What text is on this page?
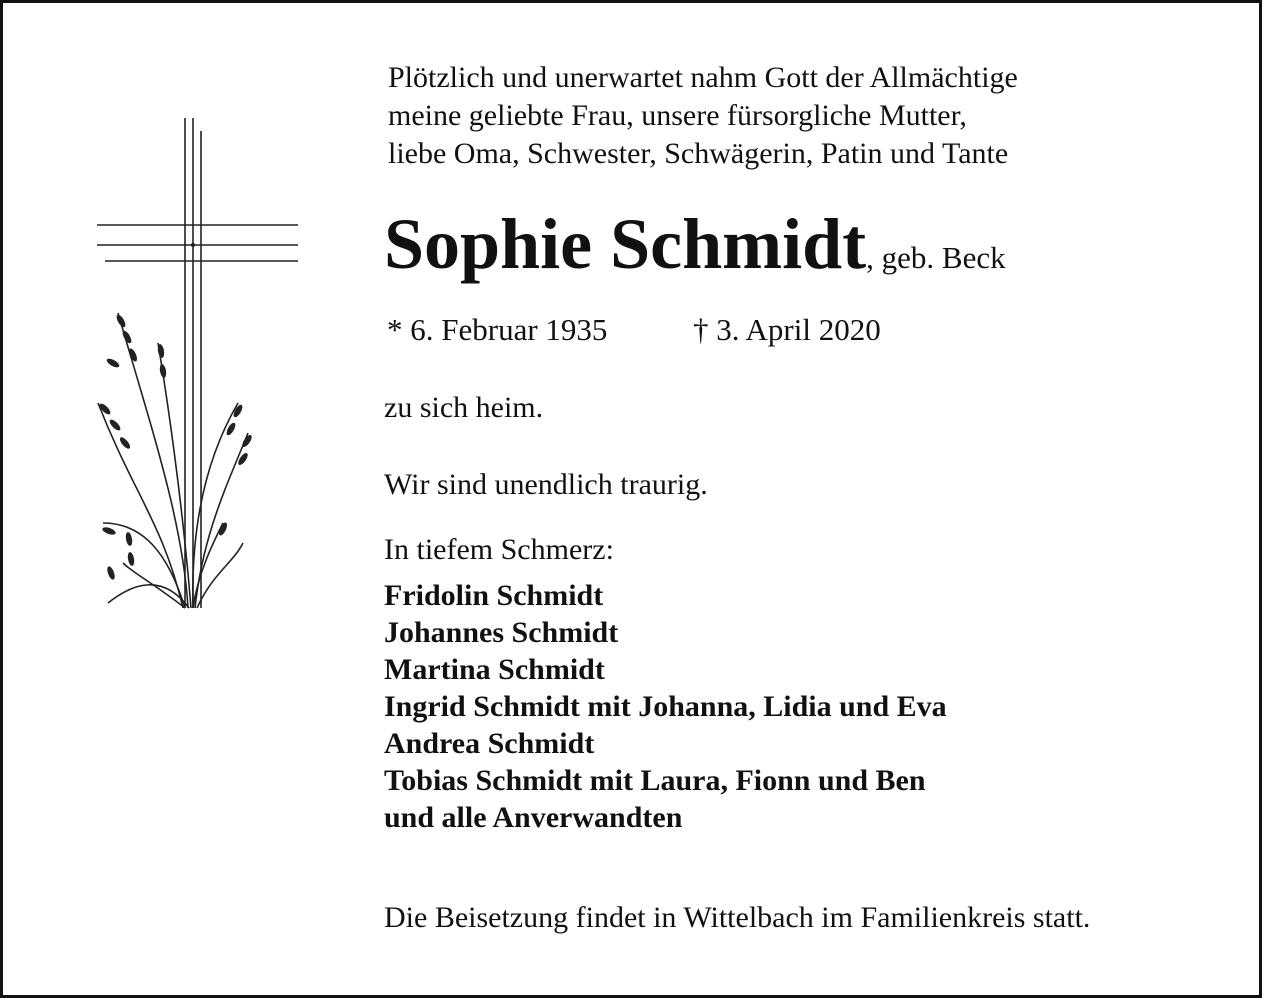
Plötzlich und unerwartet nahm Gott der Allmächtige
meine geliebte Frau, unsere fürsorgliche Mutter,
liebe Oma, Schwester, Schwägerin, Patin und Tante
Sophie Schmidt, geb. Beck
* 6. Februar 1935	† 3. April 2020
zu sich heim.
Wir sind unendlich traurig.
In tiefem Schmerz:
Fridolin Schmidt
Johannes Schmidt
Martina Schmidt
Ingrid Schmidt mit Johanna, Lidia und Eva
Andrea Schmidt
Tobias Schmidt mit Laura, Fionn und Ben
und alle Anverwandten
Die Beisetzung findet in Wittelbach im Familienkreis statt.
